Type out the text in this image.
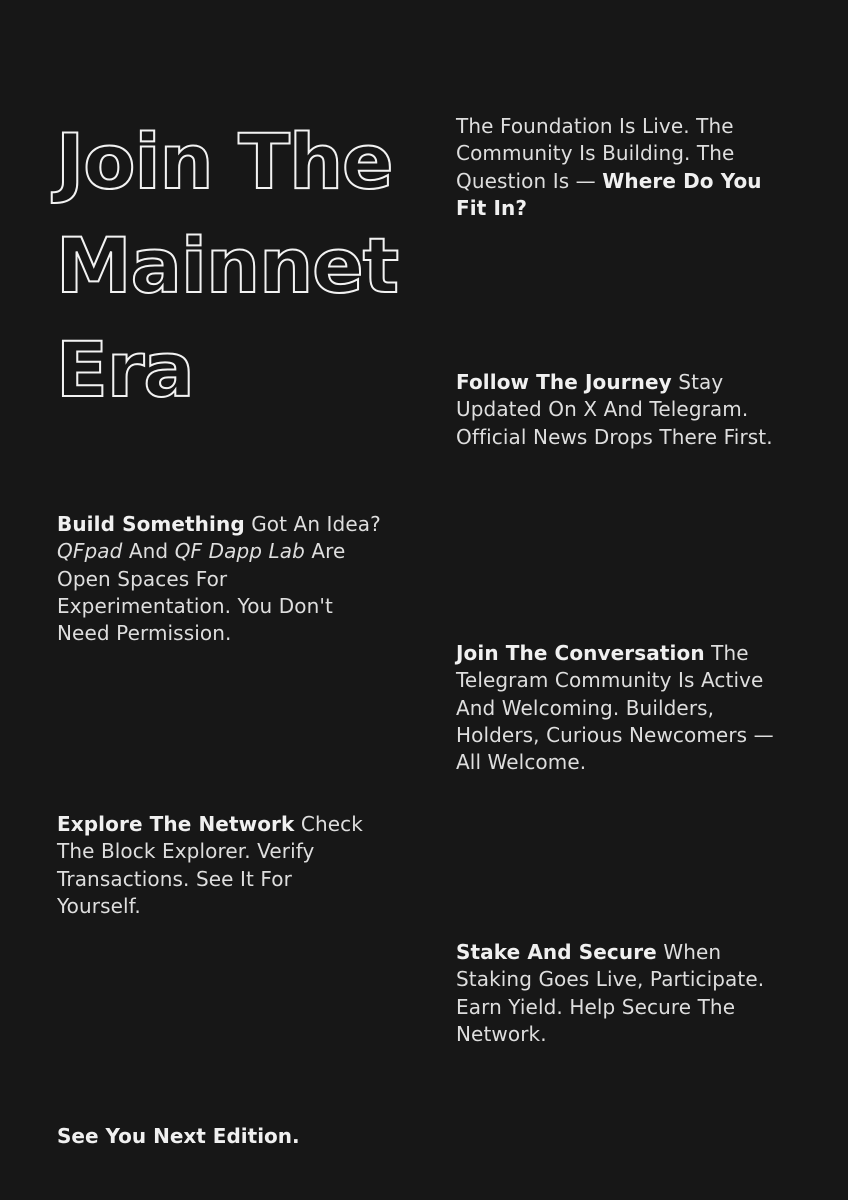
Join The
Mainnet
Era

The Foundation Is Live. The Community Is Building. The Question Is — Where Do You Fit In?

Follow The Journey Stay Updated On X And Telegram. Official News Drops There First.

Build Something Got An Idea? QFpad And QF Dapp Lab Are Open Spaces For Experimentation. You Don't Need Permission.

Join The Conversation The Telegram Community Is Active And Welcoming. Builders, Holders, Curious Newcomers — All Welcome.

Explore The Network Check The Block Explorer. Verify Transactions. See It For Yourself.

Stake And Secure When Staking Goes Live, Participate. Earn Yield. Help Secure The Network.

See You Next Edition.
